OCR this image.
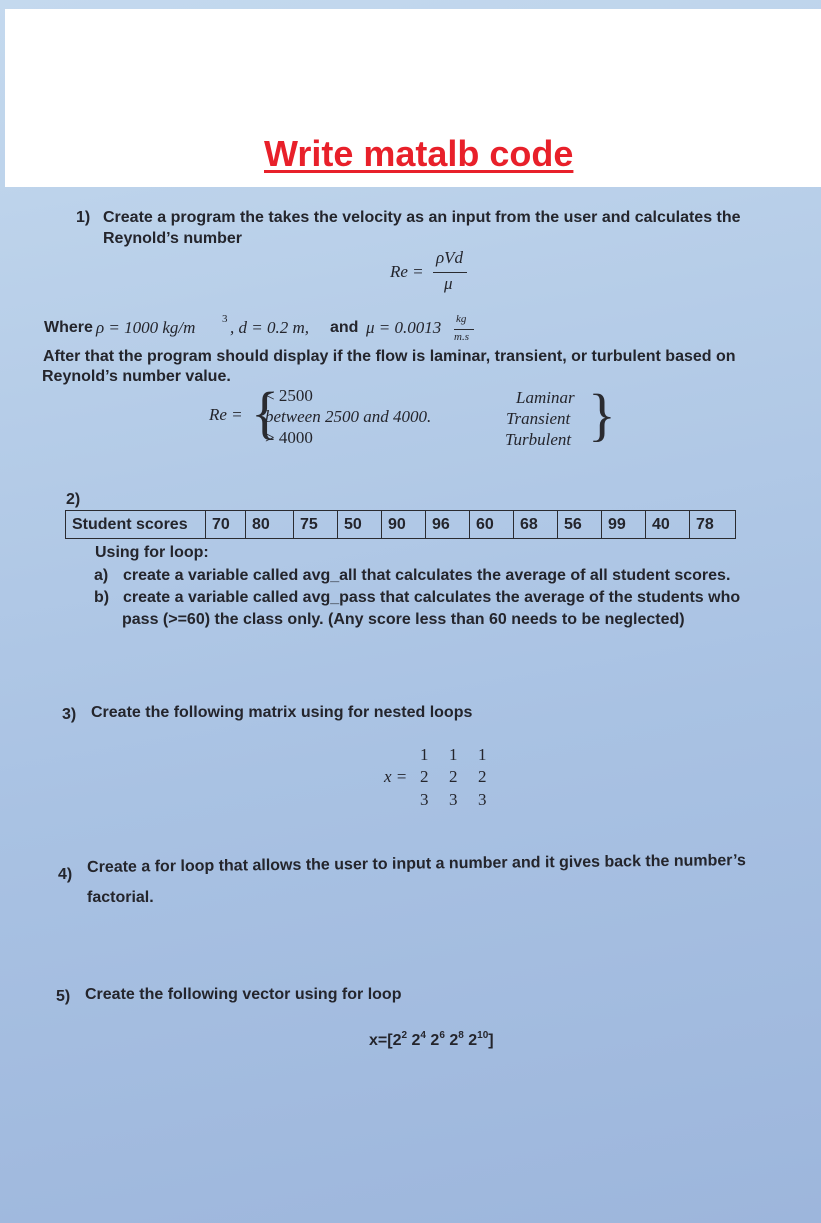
Write matalb code
1) Create a program the takes the velocity as an input from the user and calculates the
Reynold’s number
Re =
ρVd
μ
Where ρ = 1000 kg/m 3 , d = 0.2 m, and μ = 0.0013 kg
m.s
After that the program should display if the flow is laminar, transient, or turbulent based on
Reynold’s number value.
Re = {
< 2500
between 2500 and 4000.
> 4000
Laminar
Transient
Turbulent }
2)
Student scores	70	80	75	50	90	96	60	68	56	99	40	78
Using for loop:
a) create a variable called avg_all that calculates the average of all student scores.
b) create a variable called avg_pass that calculates the average of the students who
pass (>=60) the class only. (Any score less than 60 needs to be neglected)
3) Create the following matrix using for nested loops
x =
1 1 1
2 2 2
3 3 3
4) Create a for loop that allows the user to input a number and it gives back the number’s
factorial.
5) Create the following vector using for loop
$x=[2^2$ $2^4$ $2^6$ $2^8$ $2^{10}$]
